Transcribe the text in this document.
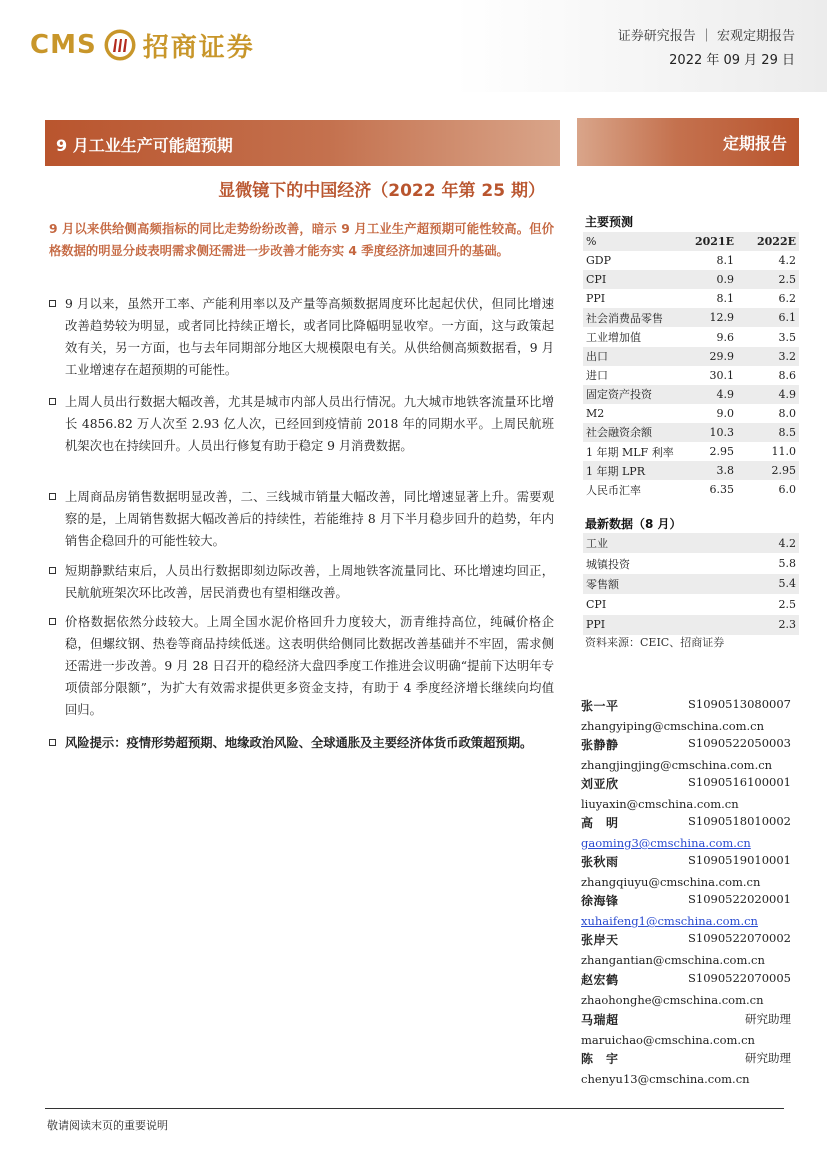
CMS 招商证券	证券研究报告 ｜ 宏观定期报告
2022 年 09 月 29 日
9 月工业生产可能超预期	定期报告
显微镜下的中国经济（2022 年第 25 期）
9 月以来供给侧高频指标的同比走势纷纷改善，暗示 9 月工业生产超预期可能性较高。但价格数据的明显分歧表明需求侧还需进一步改善才能夯实 4 季度经济加速回升的基础。
9 月以来，虽然开工率、产能利用率以及产量等高频数据周度环比起起伏伏，但同比增速改善趋势较为明显，或者同比持续正增长，或者同比降幅明显收窄。一方面，这与政策起效有关，另一方面，也与去年同期部分地区大规模限电有关。从供给侧高频数据看，9 月工业增速存在超预期的可能性。
上周人员出行数据大幅改善，尤其是城市内部人员出行情况。九大城市地铁客流量环比增长 4856.82 万人次至 2.93 亿人次，已经回到疫情前 2018 年的同期水平。上周民航班机架次也在持续回升。人员出行修复有助于稳定 9 月消费数据。
上周商品房销售数据明显改善，二、三线城市销量大幅改善，同比增速显著上升。需要观察的是，上周销售数据大幅改善后的持续性，若能维持 8 月下半月稳步回升的趋势，年内销售企稳回升的可能性较大。
短期静默结束后，人员出行数据即刻边际改善，上周地铁客流量同比、环比增速均回正，民航航班架次环比改善，居民消费也有望相继改善。
价格数据依然分歧较大。上周全国水泥价格回升力度较大，沥青维持高位，纯碱价格企稳，但螺纹钢、热卷等商品持续低迷。这表明供给侧同比数据改善基础并不牢固，需求侧还需进一步改善。9 月 28 日召开的稳经济大盘四季度工作推进会议明确“提前下达明年专项债部分限额”，为扩大有效需求提供更多资金支持，有助于 4 季度经济增长继续向均值回归。
风险提示：疫情形势超预期、地缘政治风险、全球通胀及主要经济体货币政策超预期。
主要预测
%	2021E	2022E
GDP	8.1	4.2
CPI	0.9	2.5
PPI	8.1	6.2
社会消费品零售	12.9	6.1
工业增加值	9.6	3.5
出口	29.9	3.2
进口	30.1	8.6
固定资产投资	4.9	4.9
M2	9.0	8.0
社会融资余额	10.3	8.5
1 年期 MLF 利率	2.95	11.0
1 年期 LPR	3.8	2.95
人民币汇率	6.35	6.0
最新数据（8 月）
工业	4.2
城镇投资	5.8
零售额	5.4
CPI	2.5
PPI	2.3
资料来源：CEIC、招商证券
张一平	S1090513080007
zhangyiping@cmschina.com.cn
张静静	S1090522050003
zhangjingjing@cmschina.com.cn
刘亚欣	S1090516100001
liuyaxin@cmschina.com.cn
高　明	S1090518010002
gaoming3@cmschina.com.cn
张秋雨	S1090519010001
zhangqiuyu@cmschina.com.cn
徐海锋	S1090522020001
xuhaifeng1@cmschina.com.cn
张岸天	S1090522070002
zhangantian@cmschina.com.cn
赵宏鹤	S1090522070005
zhaohonghe@cmschina.com.cn
马瑞超	研究助理
maruichao@cmschina.com.cn
陈　宇	研究助理
chenyu13@cmschina.com.cn
敬请阅读末页的重要说明
